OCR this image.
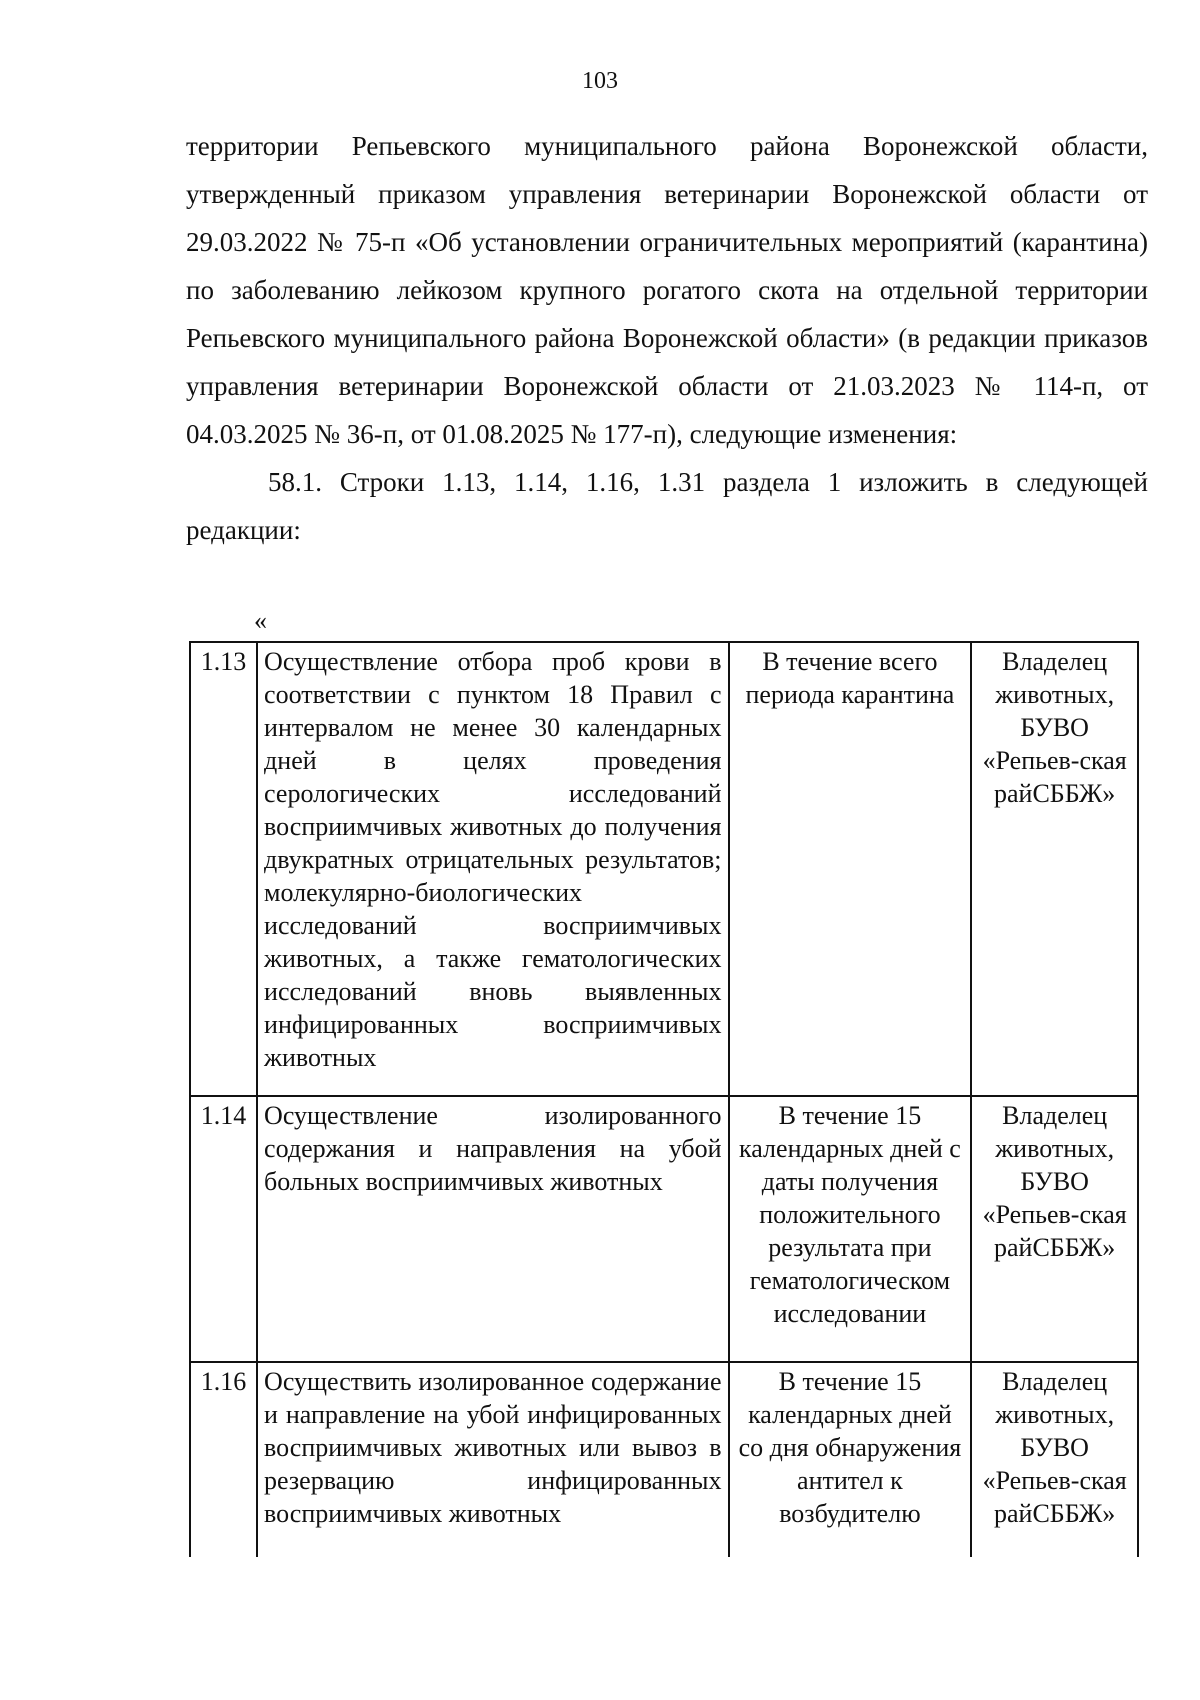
103

территории Репьевского муниципального района Воронежской области, утвержденный приказом управления ветеринарии Воронежской области от 29.03.2022 № 75-п «Об установлении ограничительных мероприятий (карантина) по заболеванию лейкозом крупного рогатого скота на отдельной территории Репьевского муниципального района Воронежской области» (в редакции приказов управления ветеринарии Воронежской области от 21.03.2023 № 114-п, от 04.03.2025 № 36-п, от 01.08.2025 № 177-п), следующие изменения:

58.1. Строки 1.13, 1.14, 1.16, 1.31 раздела 1 изложить в следующей редакции:

«
1.13	Осуществление отбора проб крови в соответствии с пунктом 18 Правил с интервалом не менее 30 календарных дней в целях проведения серологических исследований восприимчивых животных до получения двукратных отрицательных результатов; молекулярно-биологических исследований восприимчивых животных, а также гематологических исследований вновь выявленных инфицированных восприимчивых животных	В течение всего периода карантина	Владелец животных, БУВО «Репьев-ская райСББЖ»
1.14	Осуществление изолированного содержания и направления на убой больных восприимчивых животных	В течение 15 календарных дней с даты получения положительного результата при гематологическом исследовании	Владелец животных, БУВО «Репьев-ская райСББЖ»
1.16	Осуществить изолированное содержание и направление на убой инфицированных восприимчивых животных или вывоз в резервацию инфицированных восприимчивых животных	В течение 15 календарных дней со дня обнаружения антител к возбудителю	Владелец животных, БУВО «Репьев-ская райСББЖ»
